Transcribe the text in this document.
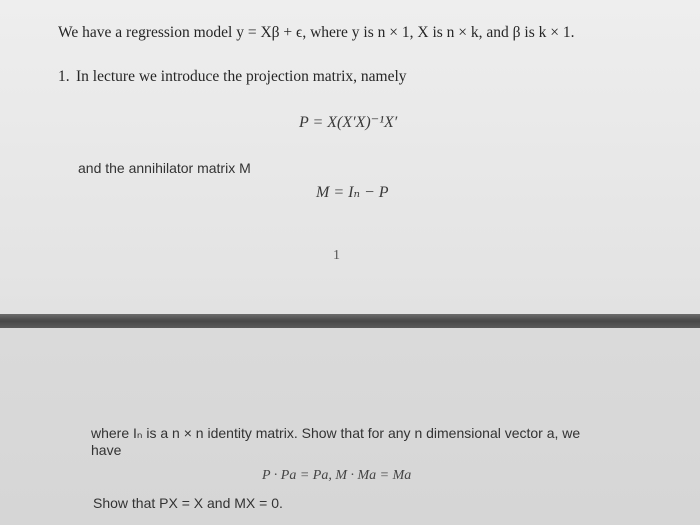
We have a regression model y = Xβ + ϵ, where y is n × 1, X is n × k, and β is k × 1.
1. In lecture we introduce the projection matrix, namely
P = X(X′X)⁻¹X′
and the annihilator matrix M
M = Iₙ − P
1
where Iₙ is a n × n identity matrix. Show that for any n dimensional vector a, we
have
P · Pa = Pa, M · Ma = Ma
Show that PX = X and MX = 0.
